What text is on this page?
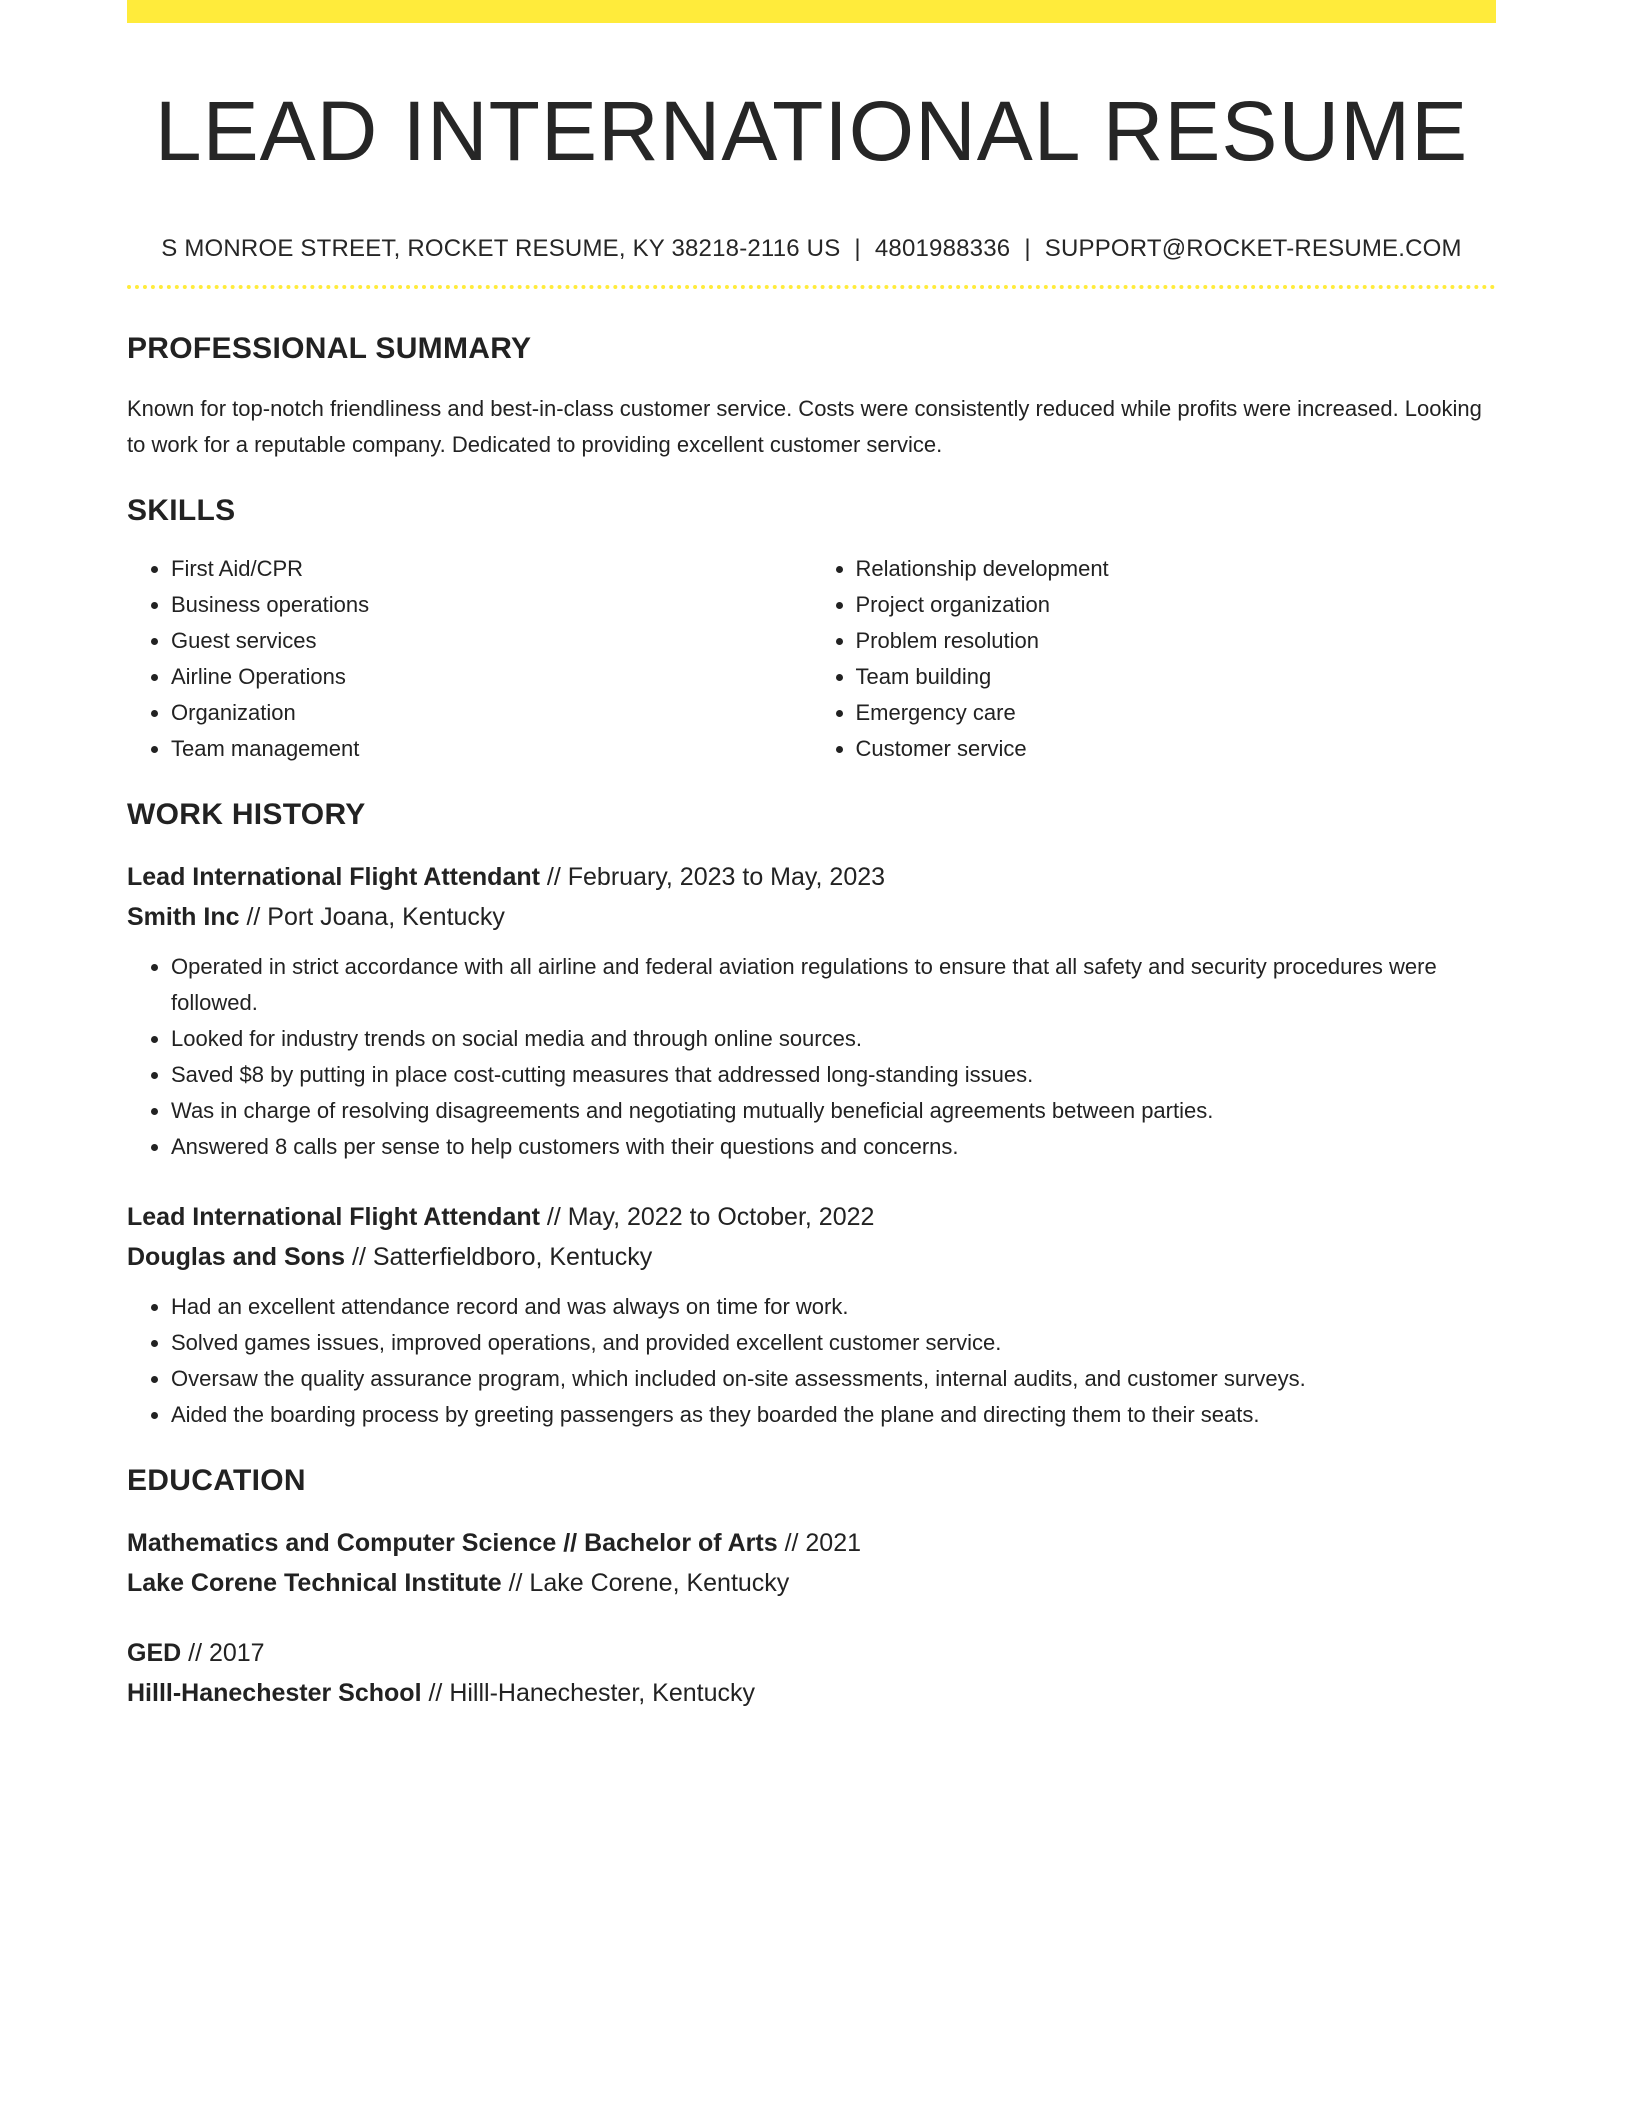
LEAD INTERNATIONAL RESUME
S MONROE STREET, ROCKET RESUME, KY 38218-2116 US | 4801988336 | SUPPORT@ROCKET-RESUME.COM
PROFESSIONAL SUMMARY
Known for top-notch friendliness and best-in-class customer service. Costs were consistently reduced while profits were increased. Looking to work for a reputable company. Dedicated to providing excellent customer service.
SKILLS
• First Aid/CPR
• Business operations
• Guest services
• Airline Operations
• Organization
• Team management
• Relationship development
• Project organization
• Problem resolution
• Team building
• Emergency care
• Customer service
WORK HISTORY
Lead International Flight Attendant // February, 2023 to May, 2023
Smith Inc // Port Joana, Kentucky
• Operated in strict accordance with all airline and federal aviation regulations to ensure that all safety and security procedures were followed.
• Looked for industry trends on social media and through online sources.
• Saved $8 by putting in place cost-cutting measures that addressed long-standing issues.
• Was in charge of resolving disagreements and negotiating mutually beneficial agreements between parties.
• Answered 8 calls per sense to help customers with their questions and concerns.
Lead International Flight Attendant // May, 2022 to October, 2022
Douglas and Sons // Satterfieldboro, Kentucky
• Had an excellent attendance record and was always on time for work.
• Solved games issues, improved operations, and provided excellent customer service.
• Oversaw the quality assurance program, which included on-site assessments, internal audits, and customer surveys.
• Aided the boarding process by greeting passengers as they boarded the plane and directing them to their seats.
EDUCATION
Mathematics and Computer Science // Bachelor of Arts // 2021
Lake Corene Technical Institute // Lake Corene, Kentucky
GED // 2017
Hilll-Hanechester School // Hilll-Hanechester, Kentucky
